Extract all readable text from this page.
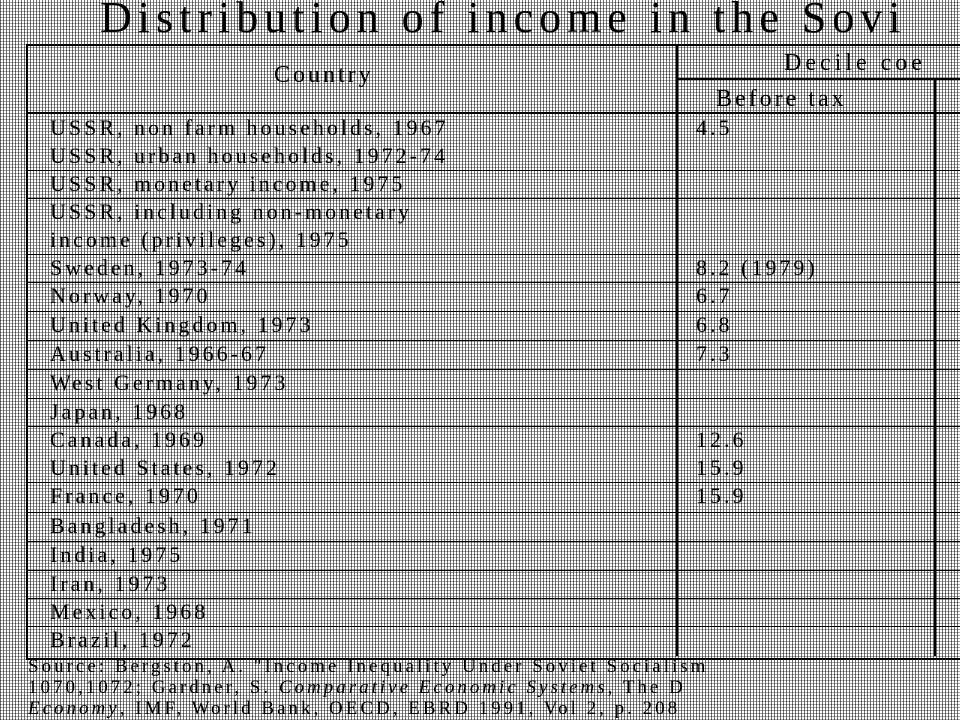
Distribution of income in the Sovi
Country	Decile coe
Before tax
USSR, non farm households, 1967	4.5
USSR, urban households, 1972-74
USSR, monetary income, 1975
USSR, including non-monetary
income (privileges), 1975
Sweden, 1973-74	8.2 (1979)
Norway, 1970	6.7
United Kingdom, 1973	6.8
Australia, 1966-67	7.3
West Germany, 1973
Japan, 1968
Canada, 1969	12.6
United States, 1972	15.9
France, 1970	15.9
Bangladesh, 1971
India, 1975
Iran, 1973
Mexico, 1968
Brazil, 1972
Source: Bergston, A. "Income Inequality Under Soviet Socialism
1070,1072; Gardner, S. Comparative Economic Systems, The D
Economy, IMF, World Bank, OECD, EBRD 1991, Vol 2, p. 208
